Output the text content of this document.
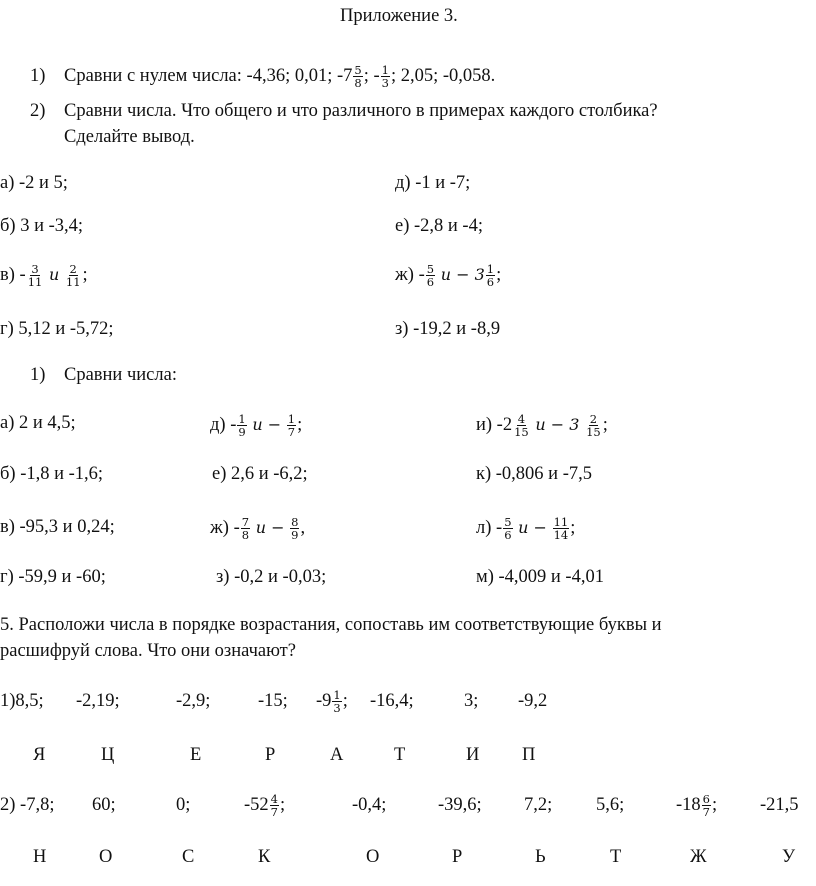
Приложение 3.
1) Сравни с нулем числа: -4,36; 0,01; $-7 \frac{5}{8}$ ; - $\frac{1}{3}$ ; 2,05; -0,058.
2) Сравни числа. Что общего и что различного в примерах каждого столбика?
Сделайте вывод.
а) -2 и 5;	д) -1 и -7;
б) 3 и -3,4;	е) -2,8 и -4;
$в) - \frac{3}{11}$ и $\frac{2}{11}$ ;	$ж) - \frac{5}{6}$ $и - 3 \frac{1}{6}$ ;
г) 5,12 и -5,72;	з) -19,2 и -8,9
1) Сравни числа:
а) 2 и 4,5;	$д) - \frac{1}{9}$ $и - \frac{1}{7}$ ;	и) $-2 \frac{4}{15}$ $и - 3 \frac{2}{15}$ ;
б) -1,8 и -1,6;	е) 2,6 и -6,2;	к) -0,806 и -7,5
в) -95,3 и 0,24;	$ж) - \frac{7}{8}$ $и - \frac{8}{9}$ ,	$л) - \frac{5}{6}$ $и - \frac{11}{14}$ ;
г) -59,9 и -60;	з) -0,2 и -0,03;	м) -4,009 и -4,01
5. Расположи числа в порядке возрастания, сопоставь им соответствующие буквы и
расшифруй слова. Что они означают?
1)8,5; -2,19;	-2,9;	-15; $-9 \frac{1}{3}$ ; -16,4;	3; -9,2
Я	Ц	Е	Р	А	Т	И П
2) -7,8; 60;	0;	$-52 \frac{4}{7}$ ;	-0,4;	-39,6; 7,2; 5,6;	$-18 \frac{6}{7}$ ; -21,5
Н	О	С	К	О	Р	Ь	Т	Ж	У
